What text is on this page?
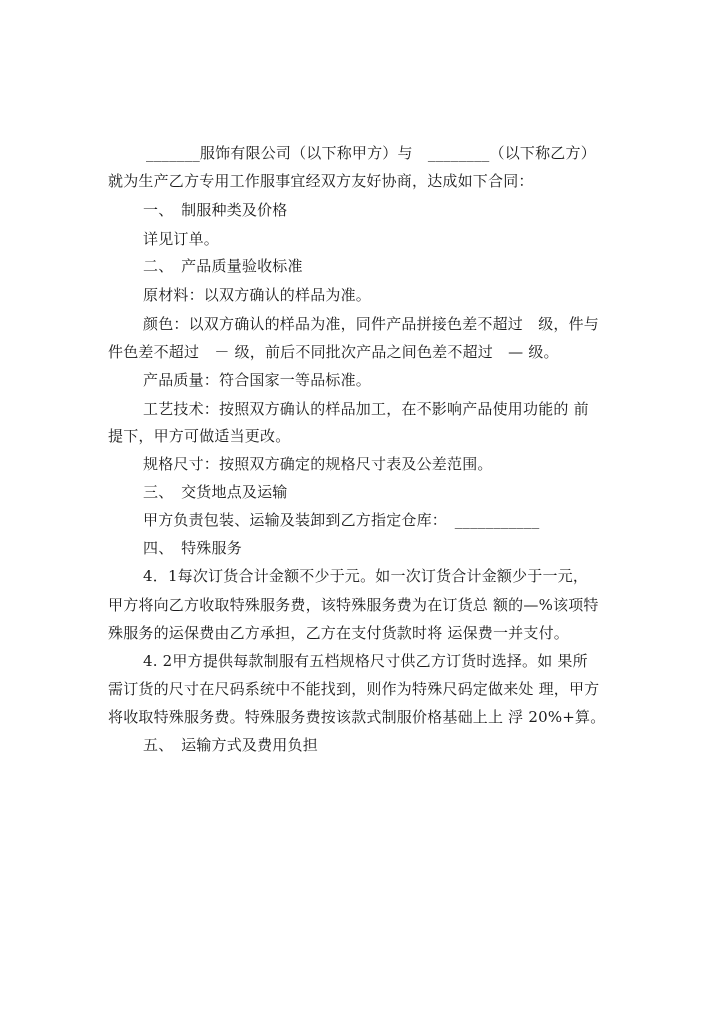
_______服饰有限公司（以下称甲方）与　________（以下称乙方）
就为生产乙方专用工作服事宜经双方友好协商，达成如下合同：
一、　制服种类及价格
详见订单。
二、　产品质量验收标准
原材料：以双方确认的样品为准。
颜色：以双方确认的样品为准，同件产品拼接色差不超过　级，件与
件色差不超过　－ 级，前后不同批次产品之间色差不超过　— 级。
产品质量：符合国家一等品标准。
工艺技术：按照双方确认的样品加工，在不影响产品使用功能的 前
提下，甲方可做适当更改。
规格尺寸：按照双方确定的规格尺寸表及公差范围。
三、　交货地点及运输
甲方负责包装、运输及装卸到乙方指定仓库：　___________
四、　特殊服务
4．1每次订货合计金额不少于元。如一次订货合计金额少于一元，
甲方将向乙方收取特殊服务费，该特殊服务费为在订货总 额的—%该项特
殊服务的运保费由乙方承担，乙方在支付货款时将 运保费一并支付。
4. 2甲方提供每款制服有五档规格尺寸供乙方订货时选择。如 果所
需订货的尺寸在尺码系统中不能找到，则作为特殊尺码定做来处 理，甲方
将收取特殊服务费。特殊服务费按该款式制服价格基础上上 浮 20%+算。
五、　运输方式及费用负担
